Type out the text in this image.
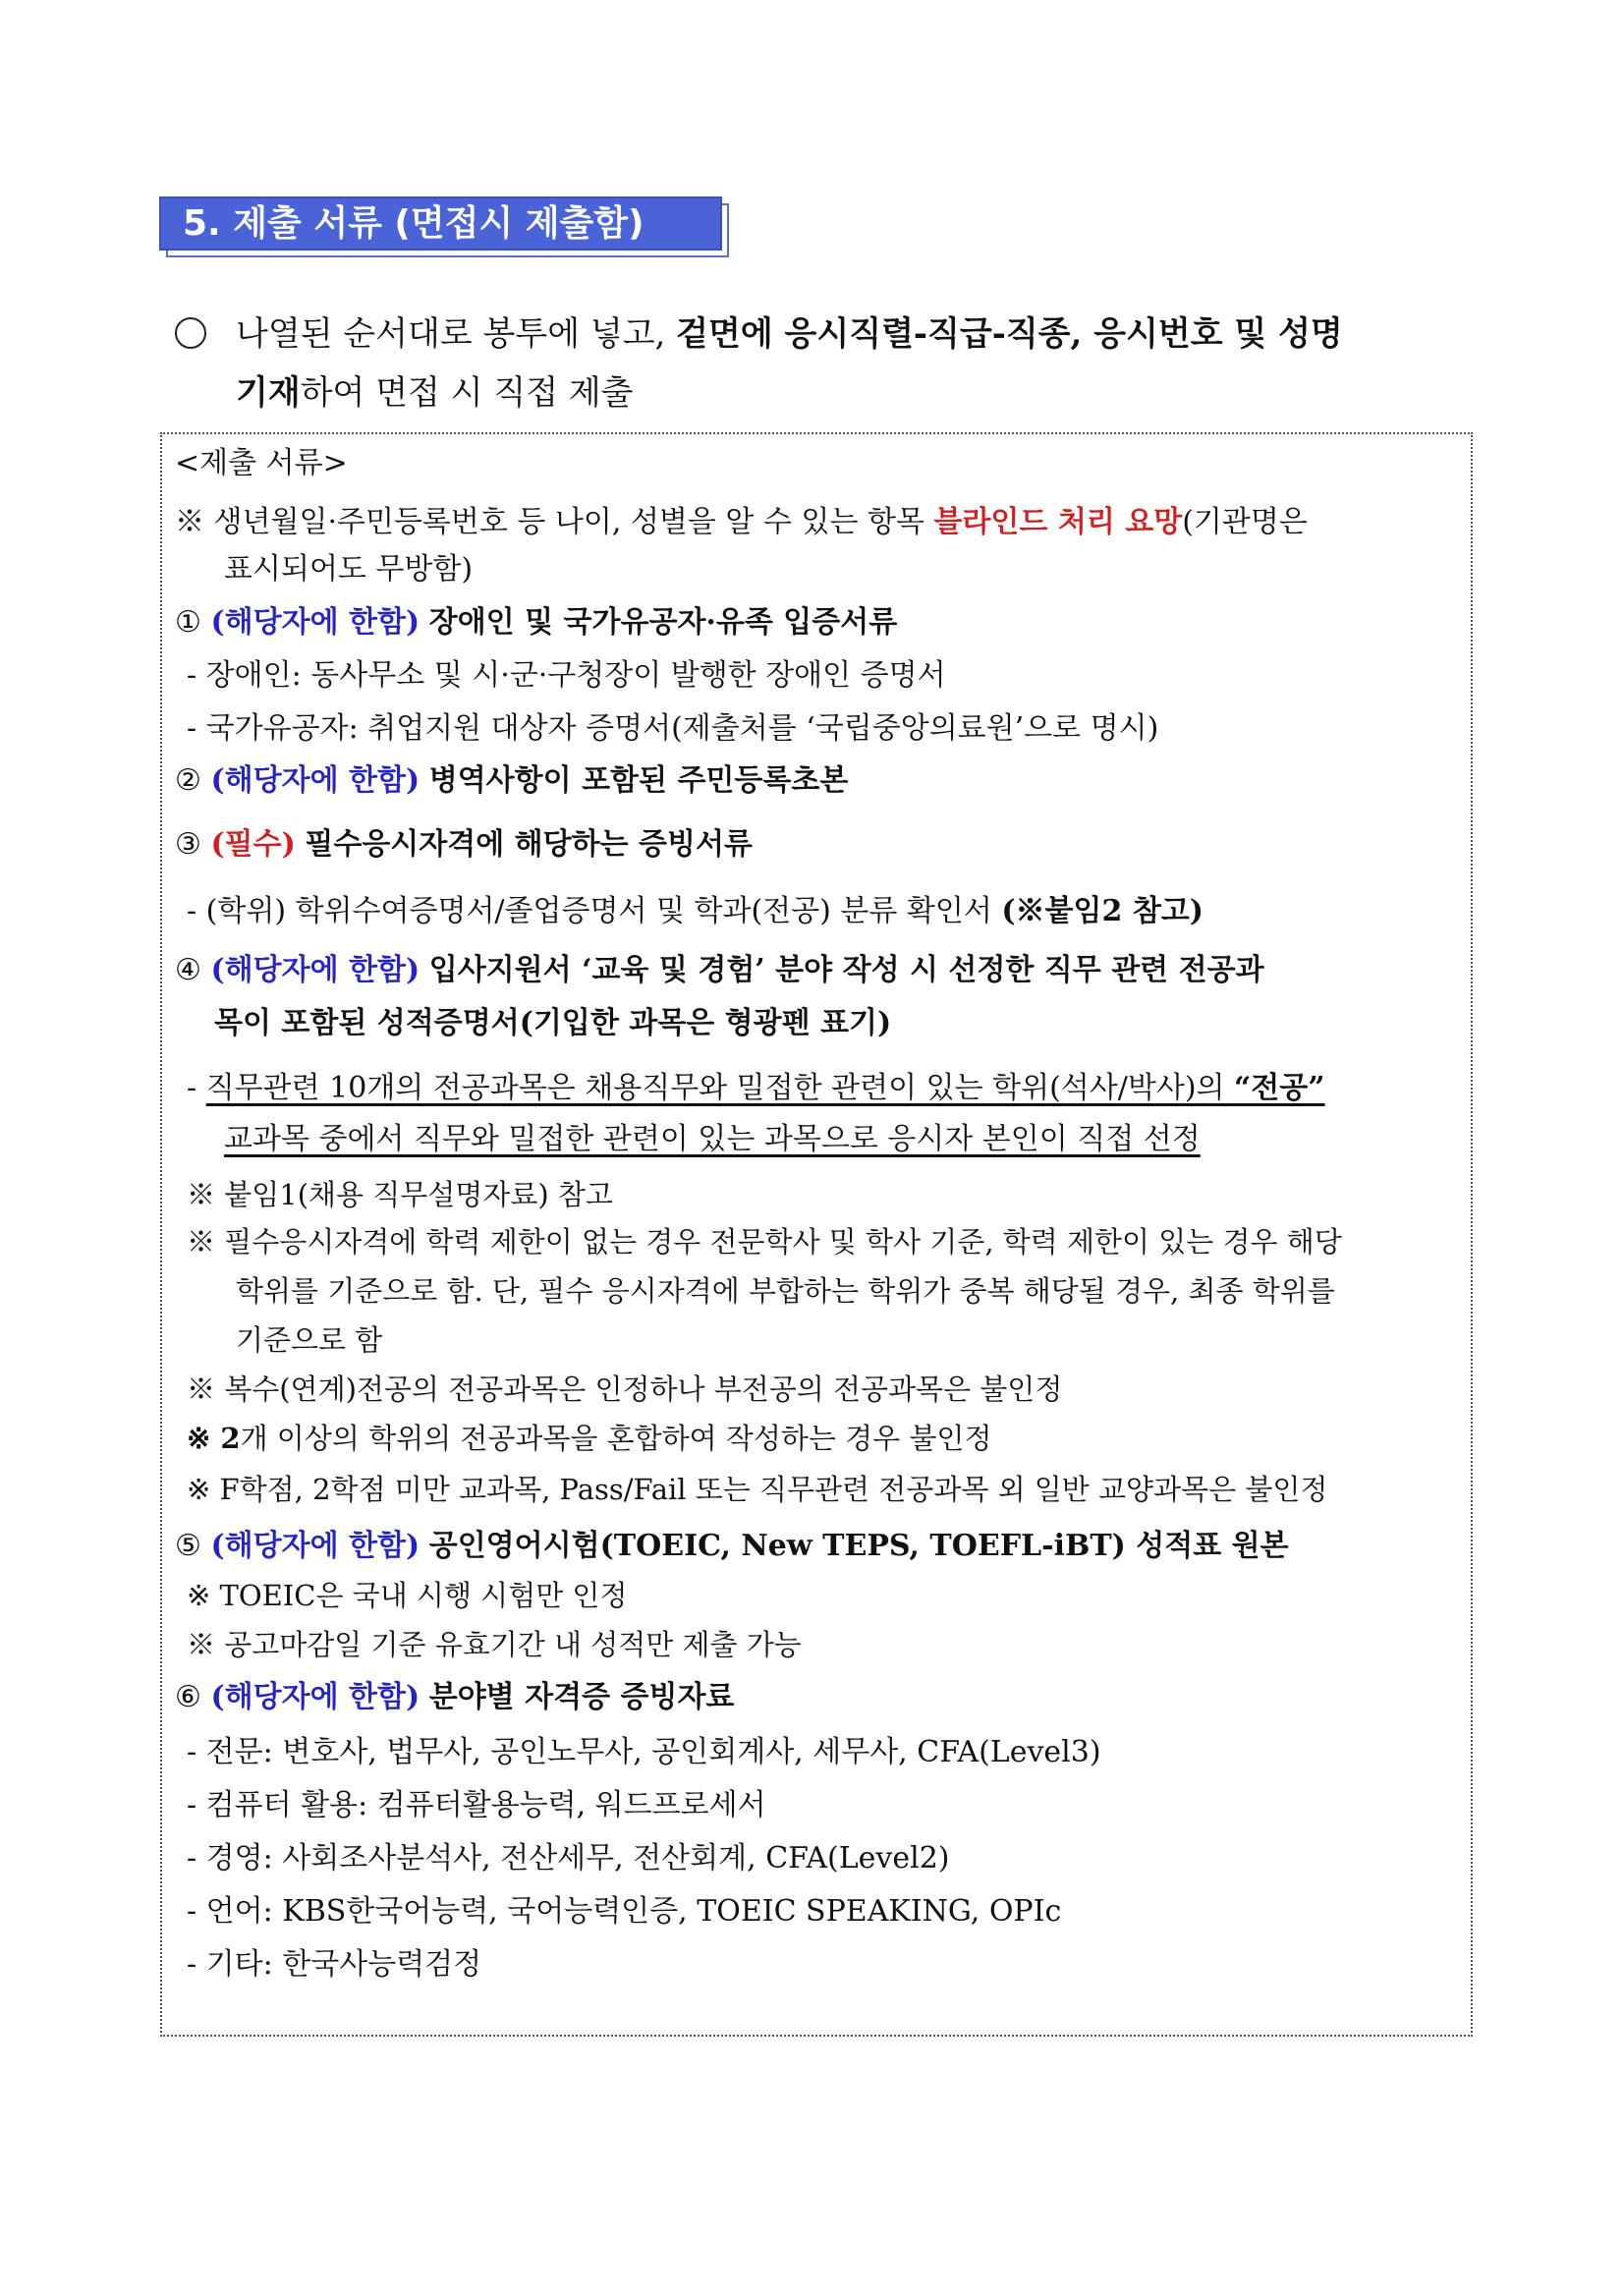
5. 제출 서류 (면접시 제출함)
나열된 순서대로 봉투에 넣고, 겉면에 응시직렬-직급-직종, 응시번호 및 성명
기재하여 면접 시 직접 제출
<제출 서류>
※ 생년월일·주민등록번호 등 나이, 성별을 알 수 있는 항목 블라인드 처리 요망(기관명은
표시되어도 무방함)
① (해당자에 한함) 장애인 및 국가유공자·유족 입증서류
- 장애인: 동사무소 및 시·군·구청장이 발행한 장애인 증명서
- 국가유공자: 취업지원 대상자 증명서(제출처를 ‘국립중앙의료원’으로 명시)
② (해당자에 한함) 병역사항이 포함된 주민등록초본
③ (필수) 필수응시자격에 해당하는 증빙서류
- (학위) 학위수여증명서/졸업증명서 및 학과(전공) 분류 확인서 (※붙임2 참고)
④ (해당자에 한함) 입사지원서 ‘교육 및 경험’ 분야 작성 시 선정한 직무 관련 전공과
목이 포함된 성적증명서(기입한 과목은 형광펜 표기)
- 직무관련 10개의 전공과목은 채용직무와 밀접한 관련이 있는 학위(석사/박사)의 “전공”
교과목 중에서 직무와 밀접한 관련이 있는 과목으로 응시자 본인이 직접 선정
※ 붙임1(채용 직무설명자료) 참고
※ 필수응시자격에 학력 제한이 없는 경우 전문학사 및 학사 기준, 학력 제한이 있는 경우 해당
학위를 기준으로 함. 단, 필수 응시자격에 부합하는 학위가 중복 해당될 경우, 최종 학위를
기준으로 함
※ 복수(연계)전공의 전공과목은 인정하나 부전공의 전공과목은 불인정
※ 2개 이상의 학위의 전공과목을 혼합하여 작성하는 경우 불인정
※ F학점, 2학점 미만 교과목, Pass/Fail 또는 직무관련 전공과목 외 일반 교양과목은 불인정
⑤ (해당자에 한함) 공인영어시험(TOEIC, New TEPS, TOEFL-iBT) 성적표 원본
※ TOEIC은 국내 시행 시험만 인정
※ 공고마감일 기준 유효기간 내 성적만 제출 가능
⑥ (해당자에 한함) 분야별 자격증 증빙자료
- 전문: 변호사, 법무사, 공인노무사, 공인회계사, 세무사, CFA(Level3)
- 컴퓨터 활용: 컴퓨터활용능력, 워드프로세서
- 경영: 사회조사분석사, 전산세무, 전산회계, CFA(Level2)
- 언어: KBS한국어능력, 국어능력인증, TOEIC SPEAKING, OPIc
- 기타: 한국사능력검정
